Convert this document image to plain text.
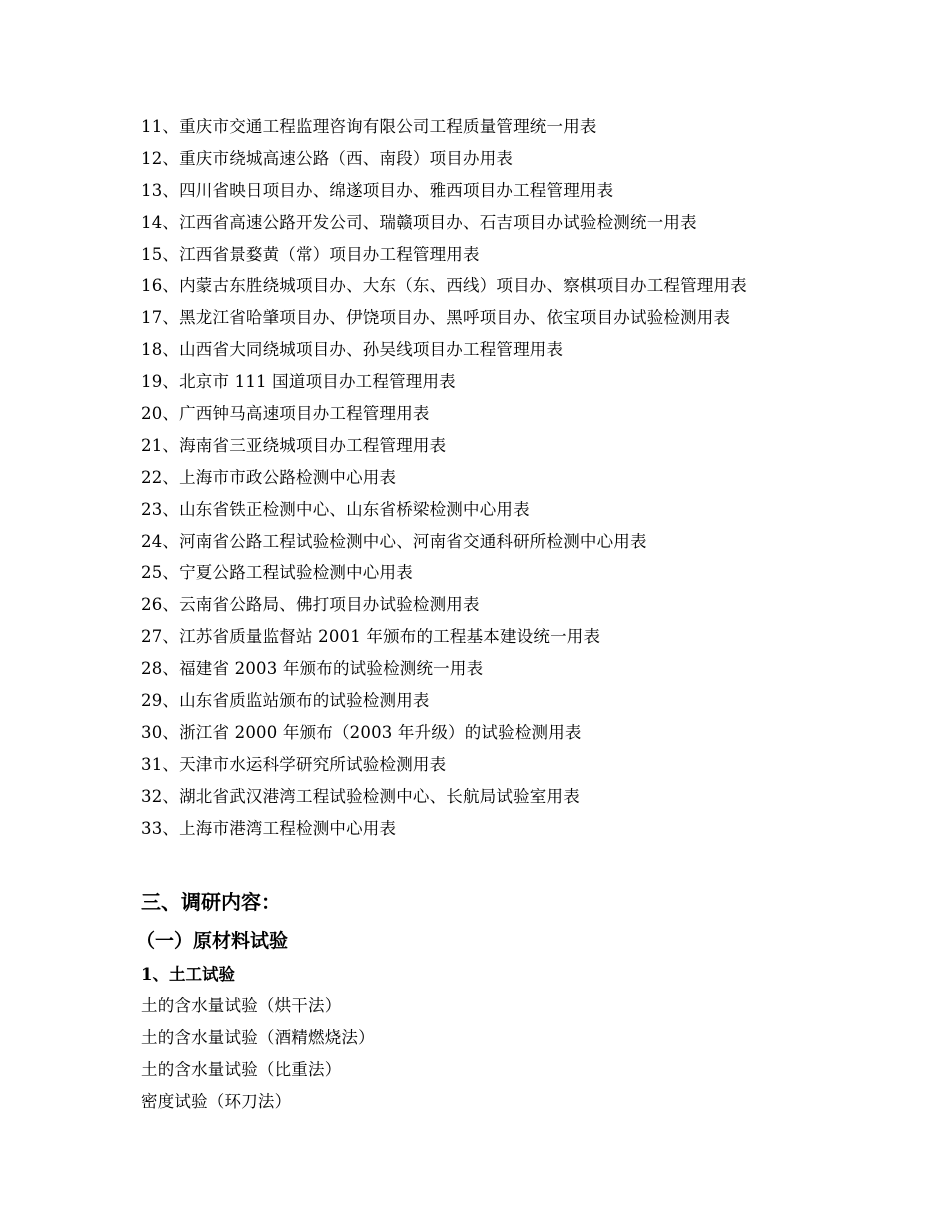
11、重庆市交通工程监理咨询有限公司工程质量管理统一用表
12、重庆市绕城高速公路（西、南段）项目办用表
13、四川省映日项目办、绵遂项目办、雅西项目办工程管理用表
14、江西省高速公路开发公司、瑞赣项目办、石吉项目办试验检测统一用表
15、江西省景婺黄（常）项目办工程管理用表
16、内蒙古东胜绕城项目办、大东（东、西线）项目办、察棋项目办工程管理用表
17、黑龙江省哈肇项目办、伊饶项目办、黑呼项目办、依宝项目办试验检测用表
18、山西省大同绕城项目办、孙吴线项目办工程管理用表
19、北京市 111 国道项目办工程管理用表
20、广西钟马高速项目办工程管理用表
21、海南省三亚绕城项目办工程管理用表
22、上海市市政公路检测中心用表
23、山东省铁正检测中心、山东省桥梁检测中心用表
24、河南省公路工程试验检测中心、河南省交通科研所检测中心用表
25、宁夏公路工程试验检测中心用表
26、云南省公路局、佛打项目办试验检测用表
27、江苏省质量监督站 2001 年颁布的工程基本建设统一用表
28、福建省 2003 年颁布的试验检测统一用表
29、山东省质监站颁布的试验检测用表
30、浙江省 2000 年颁布（2003 年升级）的试验检测用表
31、天津市水运科学研究所试验检测用表
32、湖北省武汉港湾工程试验检测中心、长航局试验室用表
33、上海市港湾工程检测中心用表
三、调研内容：
（一）原材料试验
1、土工试验
土的含水量试验（烘干法）
土的含水量试验（酒精燃烧法）
土的含水量试验（比重法）
密度试验（环刀法）
